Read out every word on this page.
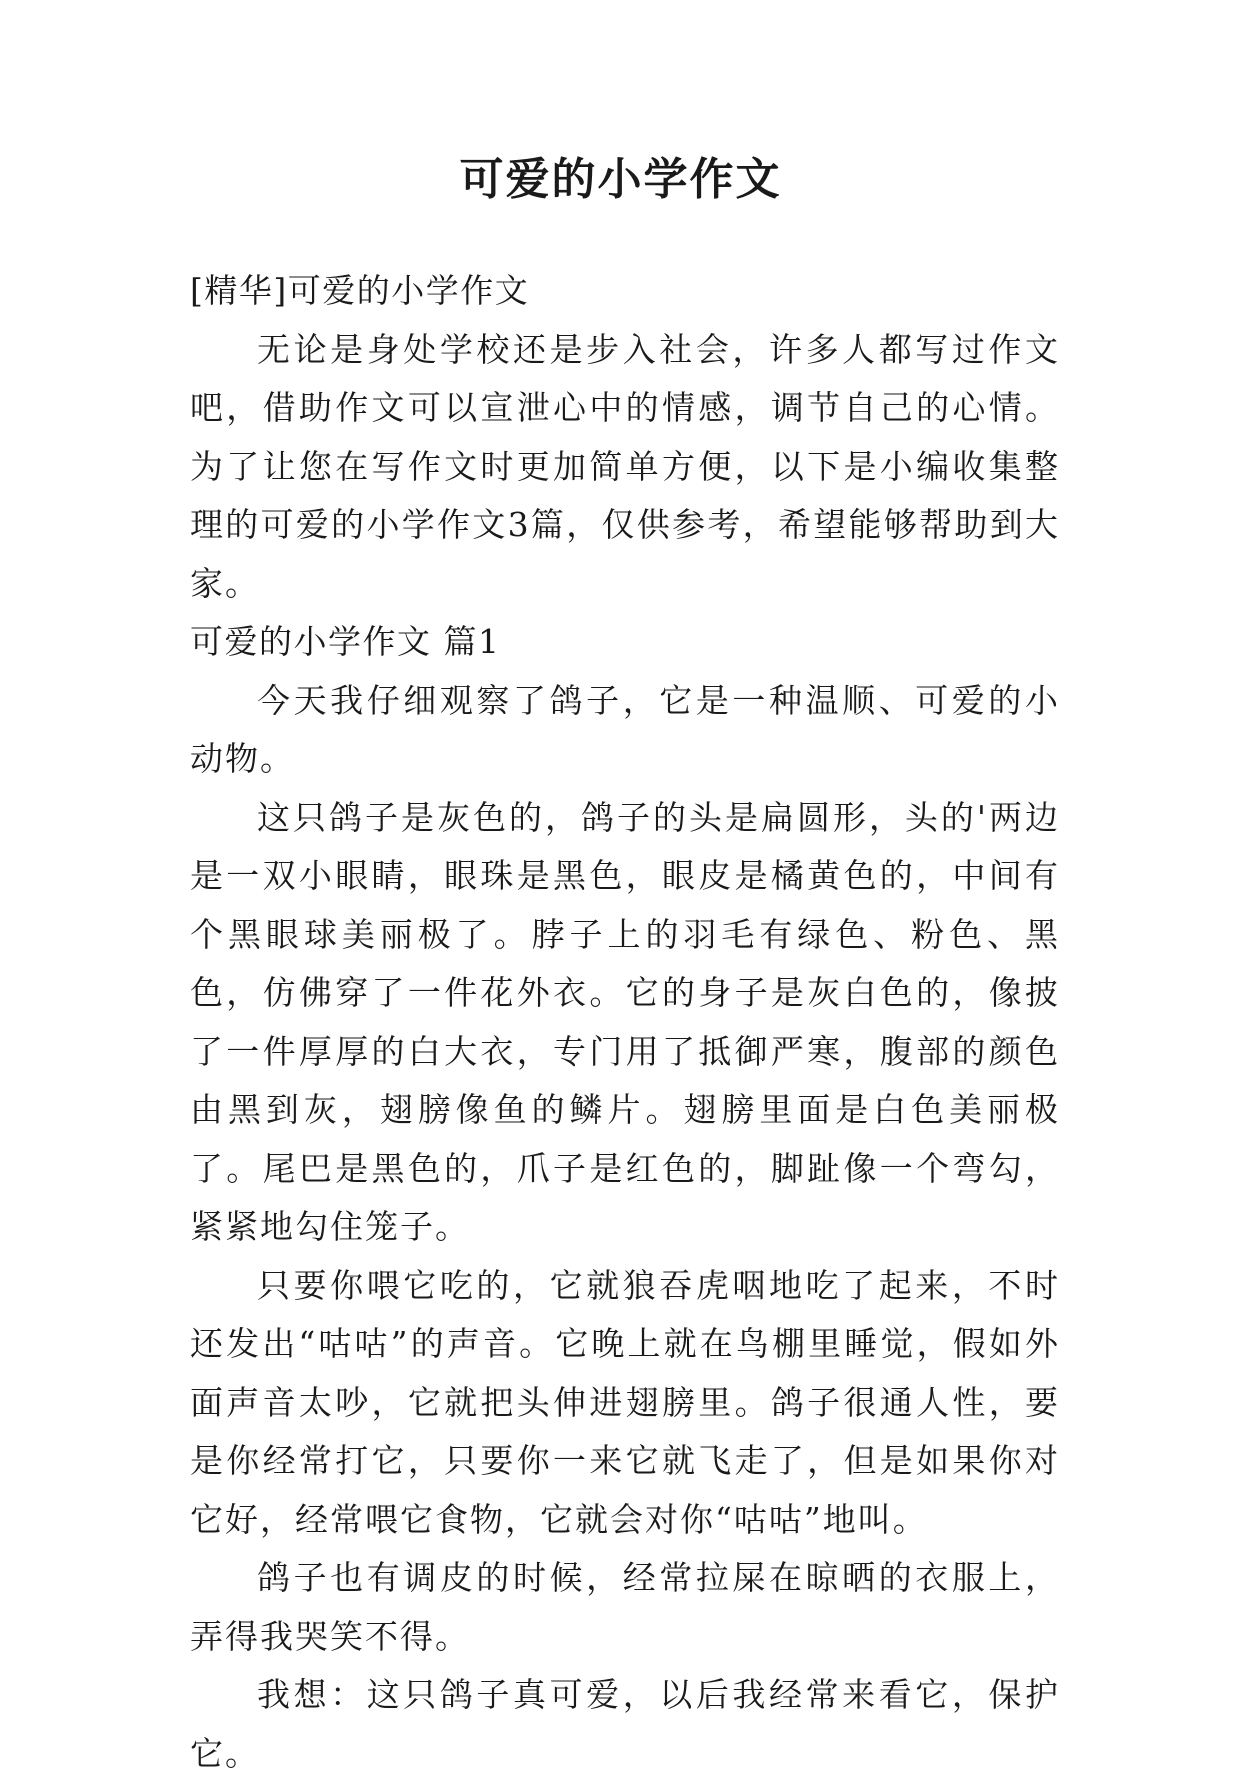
可爱的小学作文

[精华]可爱的小学作文

无论是身处学校还是步入社会，许多人都写过作文吧，借助作文可以宣泄心中的情感，调节自己的心情。为了让您在写作文时更加简单方便，以下是小编收集整理的可爱的小学作文3篇，仅供参考，希望能够帮助到大家。

可爱的小学作文 篇1

今天我仔细观察了鸽子，它是一种温顺、可爱的小动物。

这只鸽子是灰色的，鸽子的头是扁圆形，头的'两边是一双小眼睛，眼珠是黑色，眼皮是橘黄色的，中间有个黑眼球美丽极了。脖子上的羽毛有绿色、粉色、黑色，仿佛穿了一件花外衣。它的身子是灰白色的，像披了一件厚厚的白大衣，专门用了抵御严寒，腹部的颜色由黑到灰，翅膀像鱼的鳞片。翅膀里面是白色美丽极了。尾巴是黑色的，爪子是红色的，脚趾像一个弯勾，紧紧地勾住笼子。

只要你喂它吃的，它就狼吞虎咽地吃了起来，不时还发出“咕咕”的声音。它晚上就在鸟棚里睡觉，假如外面声音太吵，它就把头伸进翅膀里。鸽子很通人性，要是你经常打它，只要你一来它就飞走了，但是如果你对它好，经常喂它食物，它就会对你“咕咕”地叫。

鸽子也有调皮的时候，经常拉屎在晾晒的衣服上，弄得我哭笑不得。

我想：这只鸽子真可爱，以后我经常来看它，保护它。
